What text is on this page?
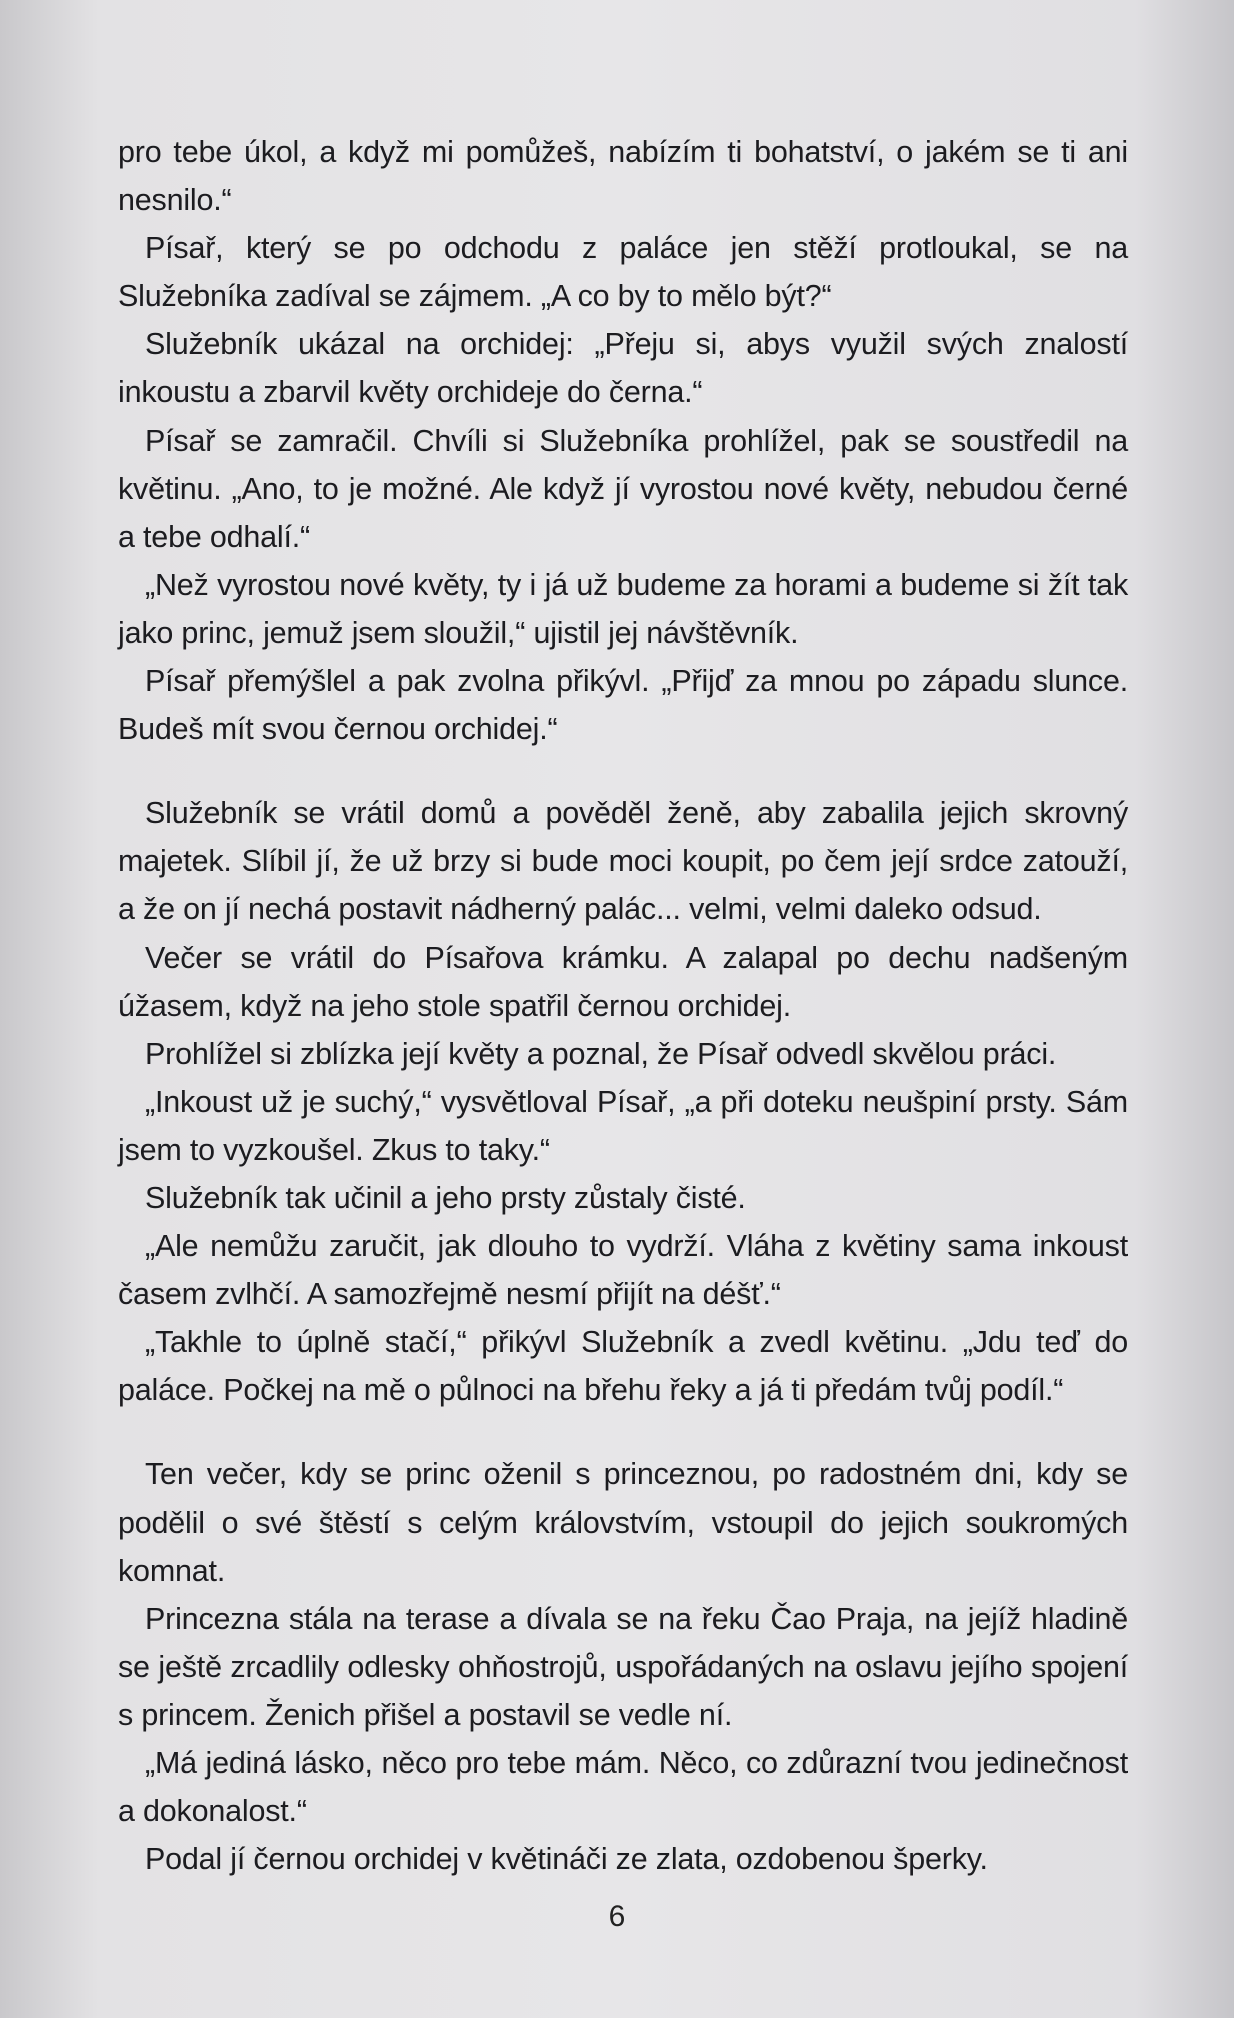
pro tebe úkol, a když mi pomůžeš, nabízím ti bohatství, o jakém se ti ani nesnilo.“

Písař, který se po odchodu z paláce jen stěží protloukal, se na Služebníka zadíval se zájmem. „A co by to mělo být?“

Služebník ukázal na orchidej: „Přeju si, abys využil svých znalostí inkoustu a zbarvil květy orchideje do černa.“

Písař se zamračil. Chvíli si Služebníka prohlížel, pak se soustředil na květinu. „Ano, to je možné. Ale když jí vyrostou nové květy, nebudou černé a tebe odhalí.“

„Než vyrostou nové květy, ty i já už budeme za horami a budeme si žít tak jako princ, jemuž jsem sloužil,“ ujistil jej návštěvník.

Písař přemýšlel a pak zvolna přikývl. „Přijď za mnou po západu slunce. Budeš mít svou černou orchidej.“

Služebník se vrátil domů a pověděl ženě, aby zabalila jejich skrovný majetek. Slíbil jí, že už brzy si bude moci koupit, po čem její srdce zatouží, a že on jí nechá postavit nádherný palác... velmi, velmi daleko odsud.

Večer se vrátil do Písařova krámku. A zalapal po dechu nadšeným úžasem, když na jeho stole spatřil černou orchidej.

Prohlížel si zblízka její květy a poznal, že Písař odvedl skvělou práci.

„Inkoust už je suchý,“ vysvětloval Písař, „a při doteku neušpiní prsty. Sám jsem to vyzkoušel. Zkus to taky.“

Služebník tak učinil a jeho prsty zůstaly čisté.

„Ale nemůžu zaručit, jak dlouho to vydrží. Vláha z květiny sama inkoust časem zvlhčí. A samozřejmě nesmí přijít na déšť.“

„Takhle to úplně stačí,“ přikývl Služebník a zvedl květinu. „Jdu teď do paláce. Počkej na mě o půlnoci na břehu řeky a já ti předám tvůj podíl.“

Ten večer, kdy se princ oženil s princeznou, po radostném dni, kdy se podělil o své štěstí s celým královstvím, vstoupil do jejich soukromých komnat.

Princezna stála na terase a dívala se na řeku Čao Praja, na jejíž hladině se ještě zrcadlily odlesky ohňostrojů, uspořádaných na oslavu jejího spojení s princem. Ženich přišel a postavil se vedle ní.

„Má jediná lásko, něco pro tebe mám. Něco, co zdůrazní tvou jedinečnost a dokonalost.“

Podal jí černou orchidej v květináči ze zlata, ozdobenou šperky.

6
